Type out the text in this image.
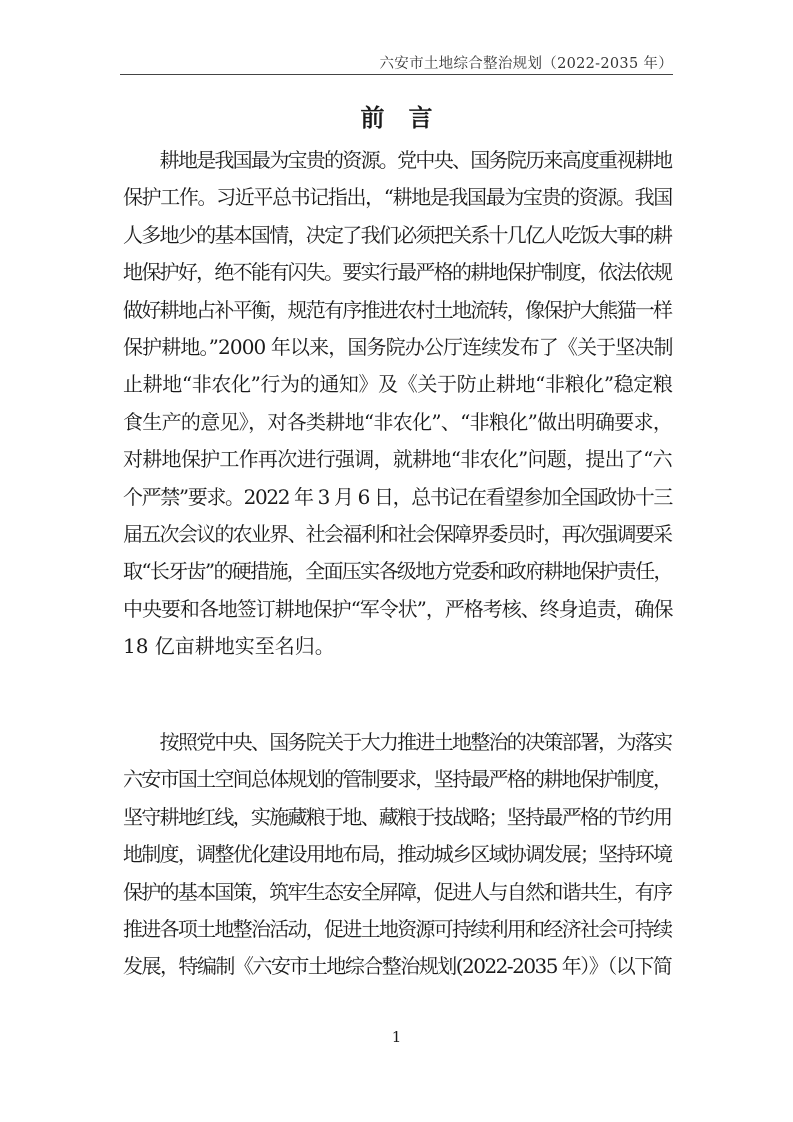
六安市土地综合整治规划（2022-2035 年）
前言
　　耕地是我国最为宝贵的资源。党中央、国务院历来高度重视耕地
保护工作。习近平总书记指出，“耕地是我国最为宝贵的资源。我国
人多地少的基本国情，决定了我们必须把关系十几亿人吃饭大事的耕
地保护好，绝不能有闪失。要实行最严格的耕地保护制度，依法依规
做好耕地占补平衡，规范有序推进农村土地流转，像保护大熊猫一样
保护耕地。”2000 年以来，国务院办公厅连续发布了《关于坚决制
止耕地“非农化”行为的通知》及《关于防止耕地“非粮化”稳定粮
食生产的意见》，对各类耕地“非农化”、“非粮化”做出明确要求，
对耕地保护工作再次进行强调，就耕地“非农化”问题，提出了“六
个严禁”要求。2022 年 3 月 6 日，总书记在看望参加全国政协十三
届五次会议的农业界、社会福利和社会保障界委员时，再次强调要采
取“长牙齿”的硬措施，全面压实各级地方党委和政府耕地保护责任，
中央要和各地签订耕地保护“军令状”，严格考核、终身追责，确保
18 亿亩耕地实至名归。
　　按照党中央、国务院关于大力推进土地整治的决策部署，为落实
六安市国土空间总体规划的管制要求，坚持最严格的耕地保护制度，
坚守耕地红线，实施藏粮于地、藏粮于技战略；坚持最严格的节约用
地制度，调整优化建设用地布局，推动城乡区域协调发展；坚持环境
保护的基本国策，筑牢生态安全屏障，促进人与自然和谐共生，有序
推进各项土地整治活动，促进土地资源可持续利用和经济社会可持续
发展，特编制《六安市土地综合整治规划(2022-2035 年）》（以下简
1
